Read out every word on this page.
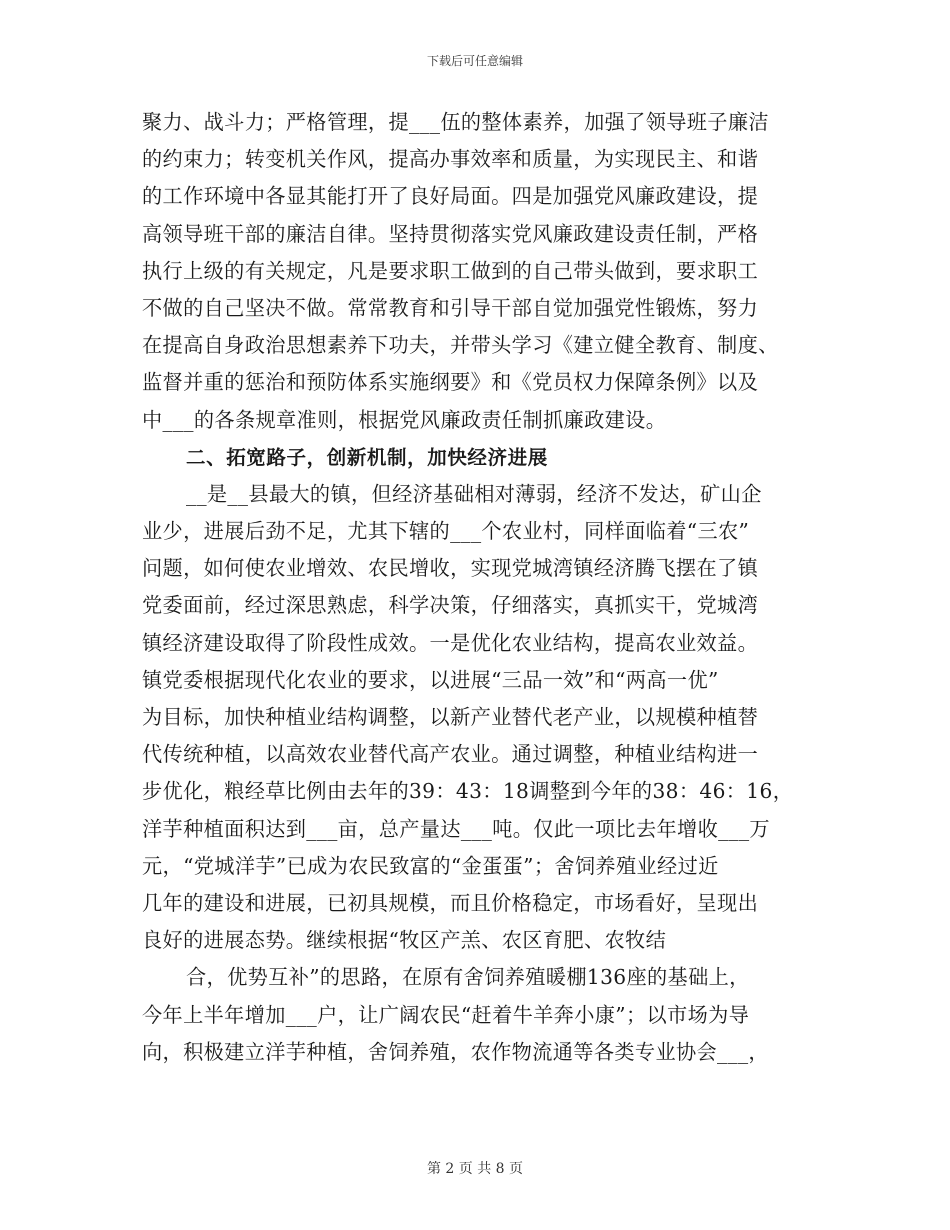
下载后可任意编辑
聚力、战斗力；严格管理，提___伍的整体素养，加强了领导班子廉洁
的约束力；转变机关作风，提高办事效率和质量，为实现民主、和谐
的工作环境中各显其能打开了良好局面。四是加强党风廉政建设，提
高领导班干部的廉洁自律。坚持贯彻落实党风廉政建设责任制，严格
执行上级的有关规定，凡是要求职工做到的自己带头做到，要求职工
不做的自己坚决不做。常常教育和引导干部自觉加强党性锻炼，努力
在提高自身政治思想素养下功夫，并带头学习《建立健全教育、制度、
监督并重的惩治和预防体系实施纲要》和《党员权力保障条例》以及
中___的各条规章准则，根据党风廉政责任制抓廉政建设。
二、拓宽路子，创新机制，加快经济进展
__是__县最大的镇，但经济基础相对薄弱，经济不发达，矿山企
业少，进展后劲不足，尤其下辖的___个农业村，同样面临着“三农”
问题，如何使农业增效、农民增收，实现党城湾镇经济腾飞摆在了镇
党委面前，经过深思熟虑，科学决策，仔细落实，真抓实干，党城湾
镇经济建设取得了阶段性成效。一是优化农业结构，提高农业效益。
镇党委根据现代化农业的要求，以进展“三品一效”和“两高一优”
为目标，加快种植业结构调整，以新产业替代老产业，以规模种植替
代传统种植，以高效农业替代高产农业。通过调整，种植业结构进一
步优化，粮经草比例由去年的39：43：18调整到今年的38：46：16，
洋芋种植面积达到___亩，总产量达___吨。仅此一项比去年增收___万
元，“党城洋芋”已成为农民致富的“金蛋蛋”；舍饲养殖业经过近
几年的建设和进展，已初具规模，而且价格稳定，市场看好，呈现出
良好的进展态势。继续根据“牧区产羔、农区育肥、农牧结
合，优势互补”的思路，在原有舍饲养殖暖棚136座的基础上，
今年上半年增加___户，让广阔农民“赶着牛羊奔小康”；以市场为导
向，积极建立洋芋种植，舍饲养殖，农作物流通等各类专业协会___，
第 2 页 共 8 页
